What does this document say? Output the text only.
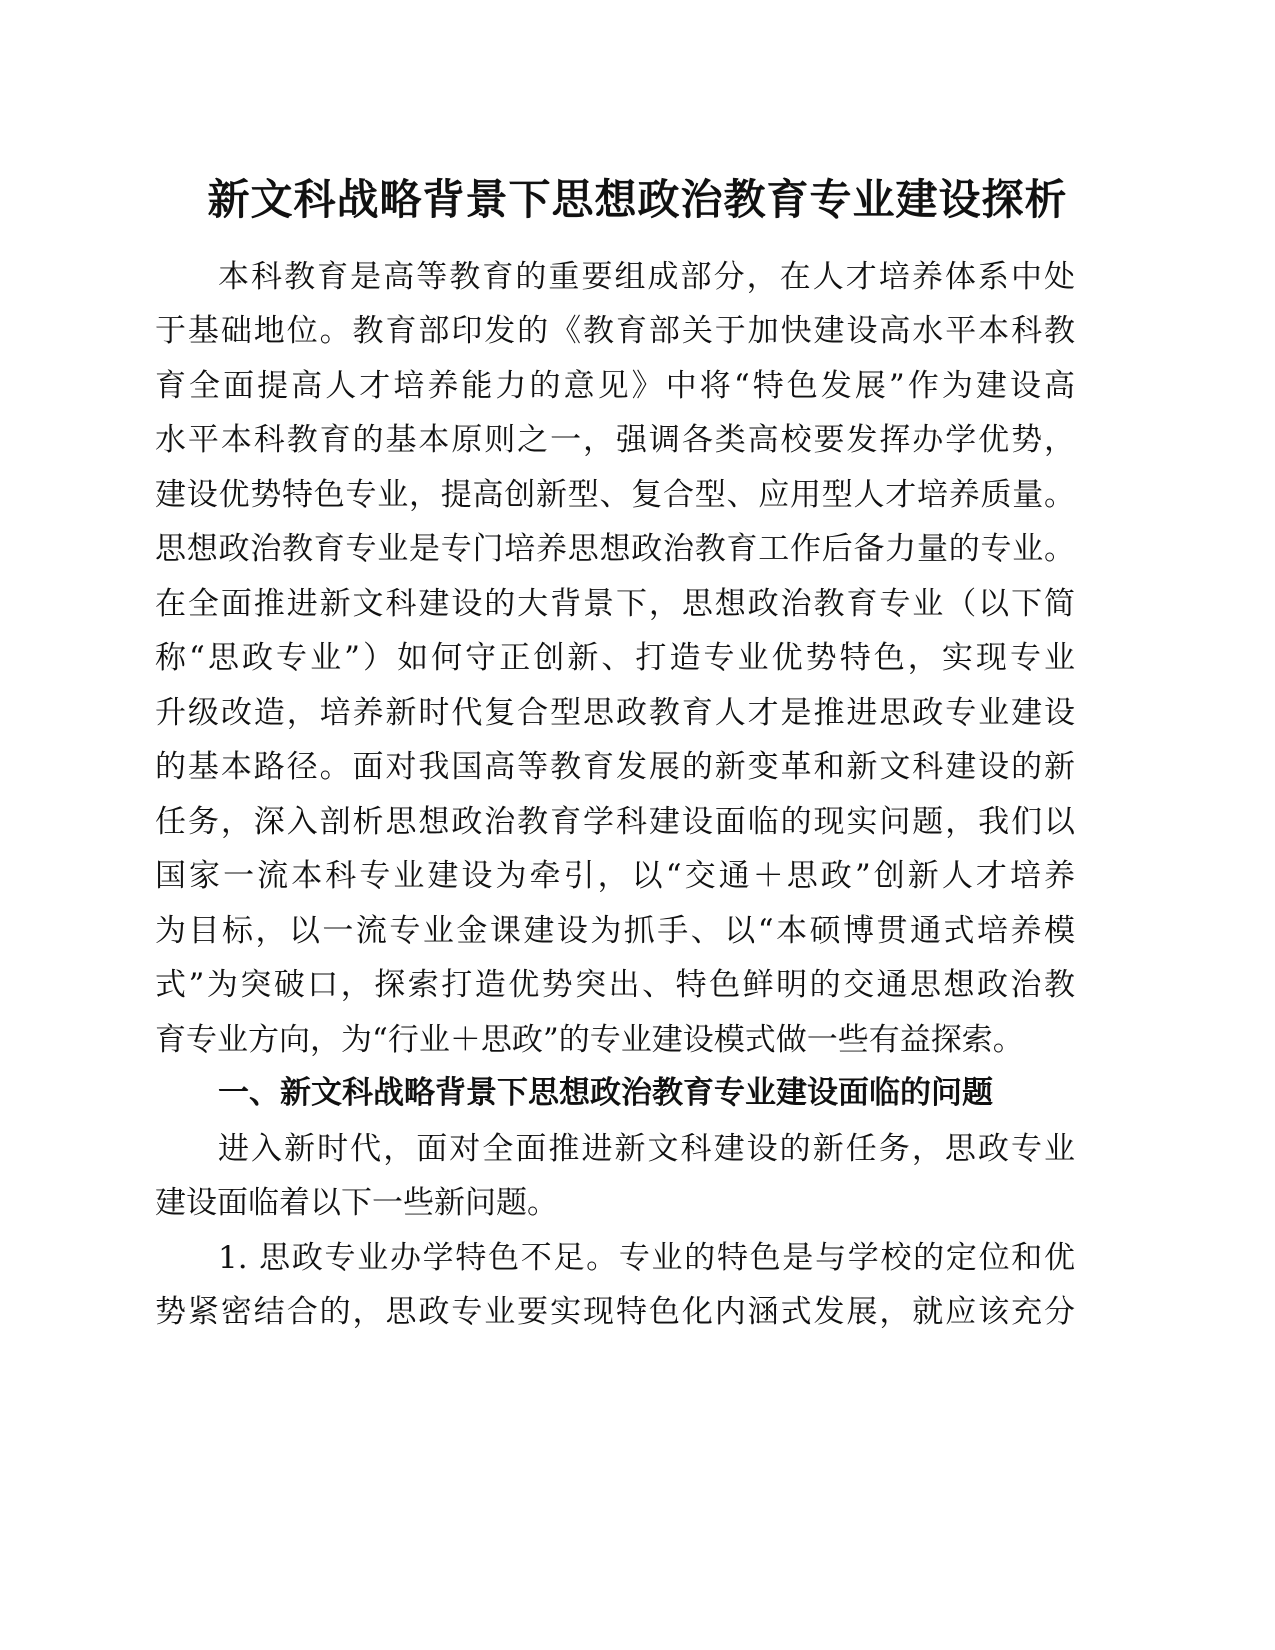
新文科战略背景下思想政治教育专业建设探析
本科教育是高等教育的重要组成部分，在人才培养体系中处
于基础地位。教育部印发的《教育部关于加快建设高水平本科教
育全面提高人才培养能力的意见》中将“特色发展”作为建设高
水平本科教育的基本原则之一，强调各类高校要发挥办学优势，
建设优势特色专业，提高创新型、复合型、应用型人才培养质量。
思想政治教育专业是专门培养思想政治教育工作后备力量的专业。
在全面推进新文科建设的大背景下，思想政治教育专业（以下简
称“思政专业”）如何守正创新、打造专业优势特色，实现专业
升级改造，培养新时代复合型思政教育人才是推进思政专业建设
的基本路径。面对我国高等教育发展的新变革和新文科建设的新
任务，深入剖析思想政治教育学科建设面临的现实问题，我们以
国家一流本科专业建设为牵引，以“交通＋思政”创新人才培养
为目标，以一流专业金课建设为抓手、以“本硕博贯通式培养模
式”为突破口，探索打造优势突出、特色鲜明的交通思想政治教
育专业方向，为“行业＋思政”的专业建设模式做一些有益探索。
一、新文科战略背景下思想政治教育专业建设面临的问题
进入新时代，面对全面推进新文科建设的新任务，思政专业
建设面临着以下一些新问题。
1. 思政专业办学特色不足。专业的特色是与学校的定位和优
势紧密结合的，思政专业要实现特色化内涵式发展，就应该充分
